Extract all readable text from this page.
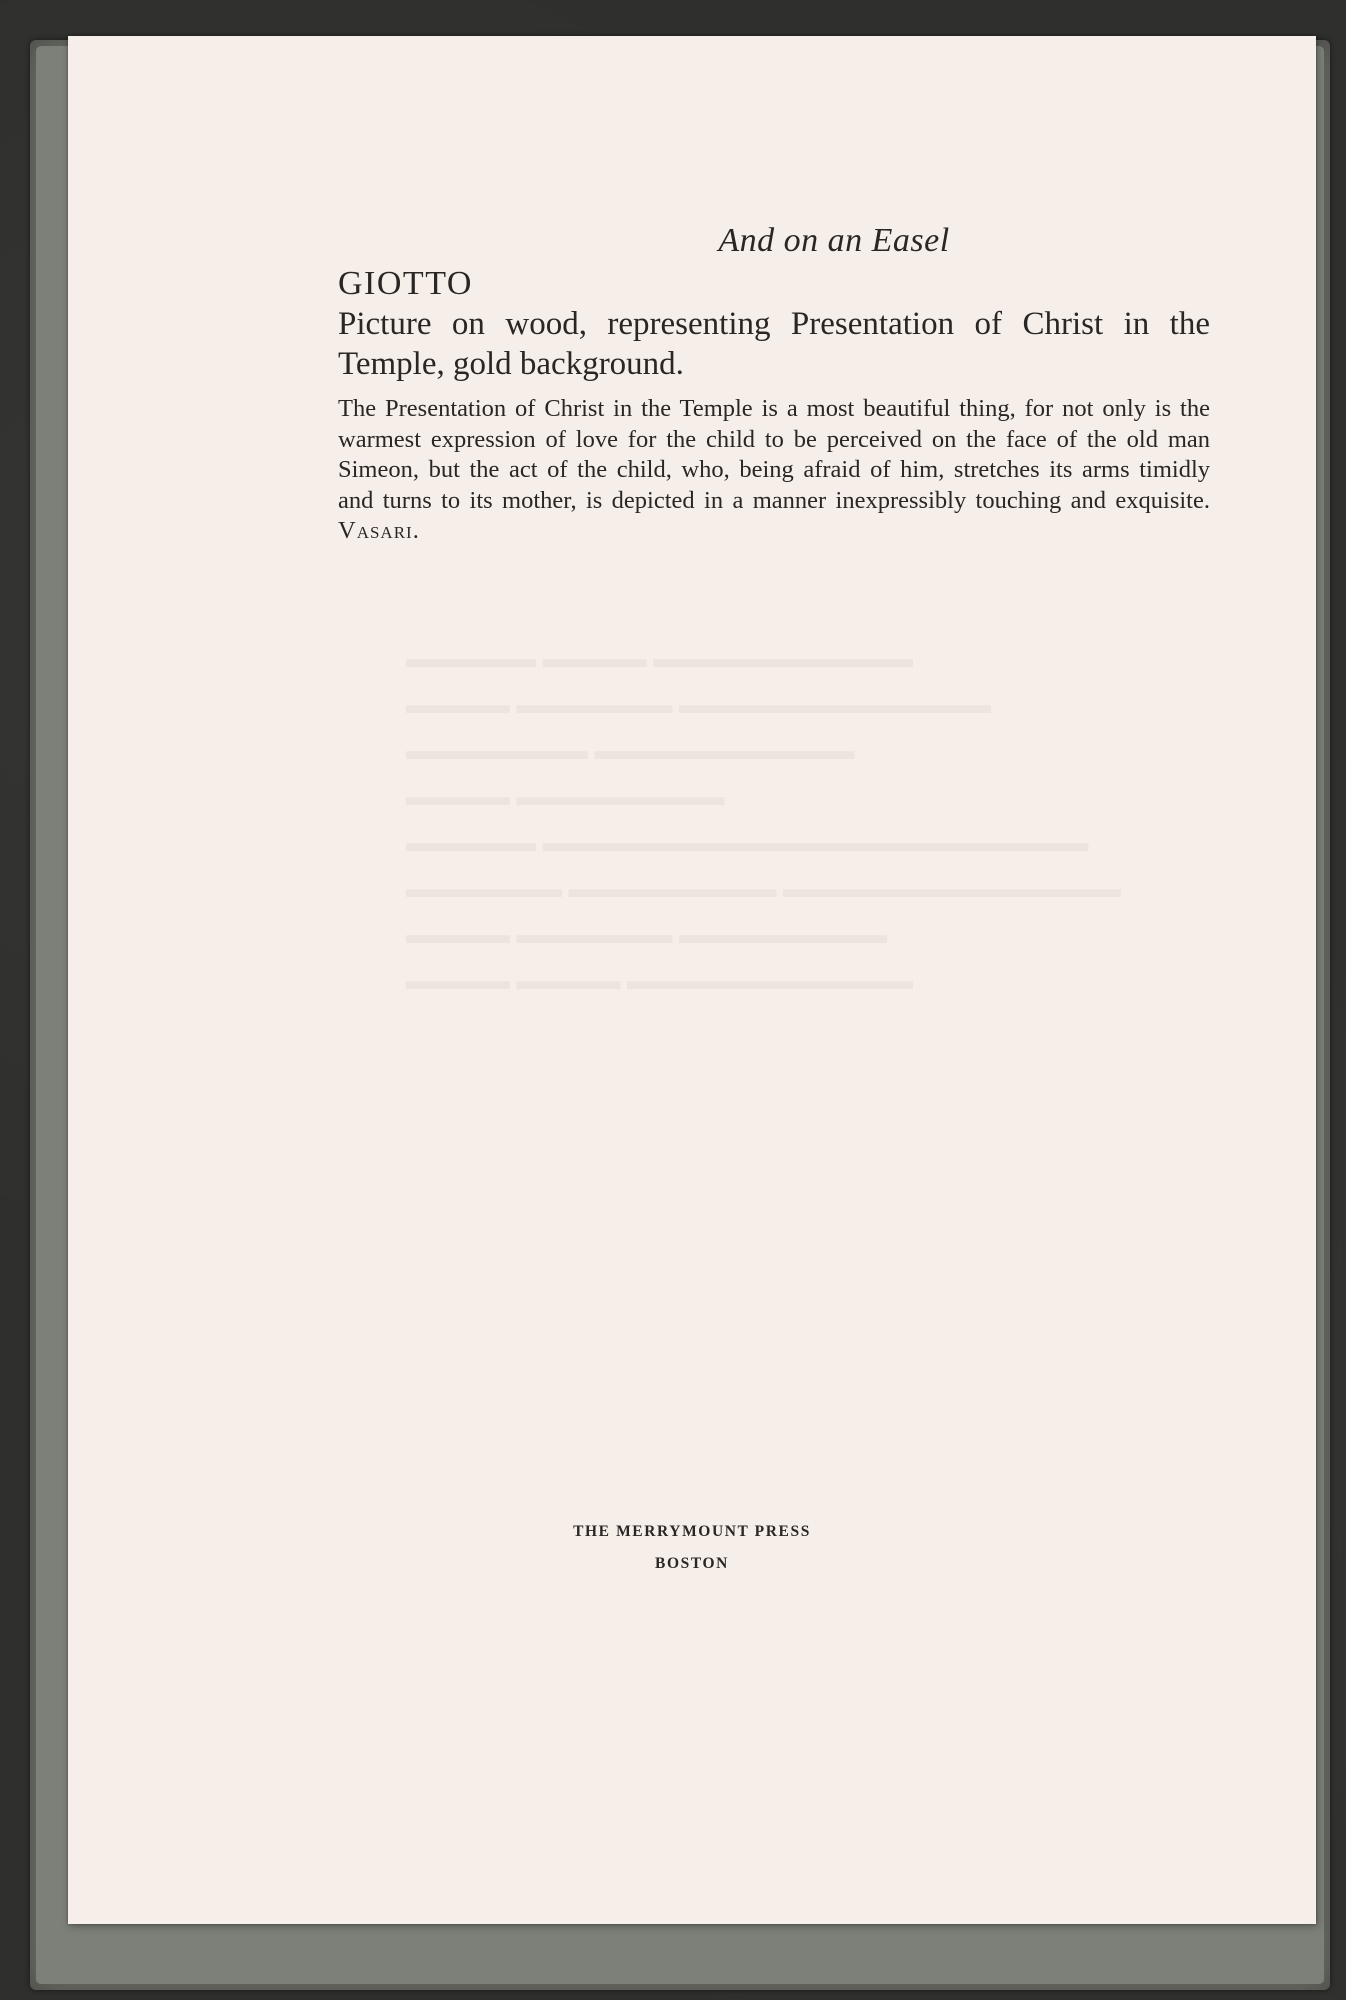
▬▬▬▬▬ ▬▬▬▬ ▬▬▬▬▬▬▬▬▬▬
▬▬▬▬ ▬▬▬▬▬▬ ▬▬▬▬▬▬▬▬▬▬▬▬
▬▬▬▬▬▬▬ ▬▬▬▬▬▬▬▬▬▬
▬▬▬▬ ▬▬▬▬▬▬▬▬
▬▬▬▬▬ ▬▬▬▬▬▬▬▬▬▬▬▬▬▬▬▬▬▬▬▬▬
▬▬▬▬▬▬ ▬▬▬▬▬▬▬▬ ▬▬▬▬▬▬▬▬▬▬▬▬▬
▬▬▬▬ ▬▬▬▬▬▬ ▬▬▬▬▬▬▬▬
▬▬▬▬ ▬▬▬▬ ▬▬▬▬▬▬▬▬▬▬▬

And on an Easel

GIOTTO

Picture on wood, representing Presentation of Christ in the Temple, gold background.

The Presentation of Christ in the Temple is a most beautiful thing, for not only is the warmest expression of love for the child to be perceived on the face of the old man Simeon, but the act of the child, who, being afraid of him, stretches its arms timidly and turns to its mother, is depicted in a manner inexpressibly touching and exquisite. Vasari.

THE MERRYMOUNT PRESS
BOSTON
